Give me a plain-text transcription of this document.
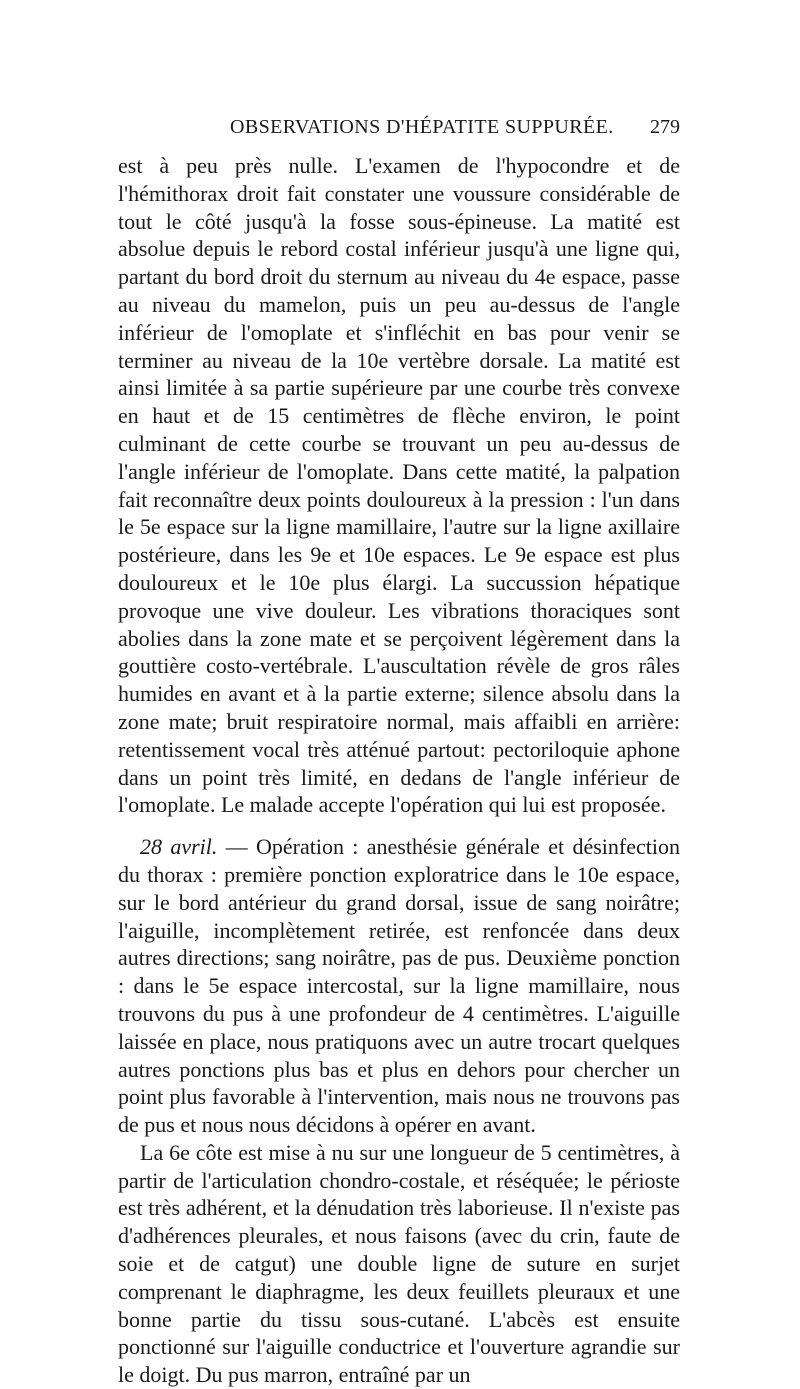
OBSERVATIONS D'HÉPATITE SUPPURÉE. 279

est à peu près nulle. L'examen de l'hypocondre et de l'hémithorax droit fait constater une voussure considérable de tout le côté jusqu'à la fosse sous-épineuse. La matité est absolue depuis le rebord costal inférieur jusqu'à une ligne qui, partant du bord droit du sternum au niveau du 4e espace, passe au niveau du mamelon, puis un peu au-dessus de l'angle inférieur de l'omoplate et s'infléchit en bas pour venir se terminer au niveau de la 10e vertèbre dorsale. La matité est ainsi limitée à sa partie supérieure par une courbe très convexe en haut et de 15 centimètres de flèche environ, le point culminant de cette courbe se trouvant un peu au-dessus de l'angle inférieur de l'omoplate. Dans cette matité, la palpation fait reconnaître deux points douloureux à la pression : l'un dans le 5e espace sur la ligne mamillaire, l'autre sur la ligne axillaire postérieure, dans les 9e et 10e espaces. Le 9e espace est plus douloureux et le 10e plus élargi. La succussion hépatique provoque une vive douleur. Les vibrations thoraciques sont abolies dans la zone mate et se perçoivent légèrement dans la gouttière costo-vertébrale. L'auscultation révèle de gros râles humides en avant et à la partie externe; silence absolu dans la zone mate; bruit respiratoire normal, mais affaibli en arrière: retentissement vocal très atténué partout: pectoriloquie aphone dans un point très limité, en dedans de l'angle inférieur de l'omoplate. Le malade accepte l'opération qui lui est proposée.

28 avril. — Opération : anesthésie générale et désinfection du thorax : première ponction exploratrice dans le 10e espace, sur le bord antérieur du grand dorsal, issue de sang noirâtre; l'aiguille, incomplètement retirée, est renfoncée dans deux autres directions; sang noirâtre, pas de pus. Deuxième ponction : dans le 5e espace intercostal, sur la ligne mamillaire, nous trouvons du pus à une profondeur de 4 centimètres. L'aiguille laissée en place, nous pratiquons avec un autre trocart quelques autres ponctions plus bas et plus en dehors pour chercher un point plus favorable à l'intervention, mais nous ne trouvons pas de pus et nous nous décidons à opérer en avant.

La 6e côte est mise à nu sur une longueur de 5 centimètres, à partir de l'articulation chondro-costale, et réséquée; le périoste est très adhérent, et la dénudation très laborieuse. Il n'existe pas d'adhérences pleurales, et nous faisons (avec du crin, faute de soie et de catgut) une double ligne de suture en surjet comprenant le diaphragme, les deux feuillets pleuraux et une bonne partie du tissu sous-cutané. L'abcès est ensuite ponctionné sur l'aiguille conductrice et l'ouverture agrandie sur le doigt. Du pus marron, entraîné par un
